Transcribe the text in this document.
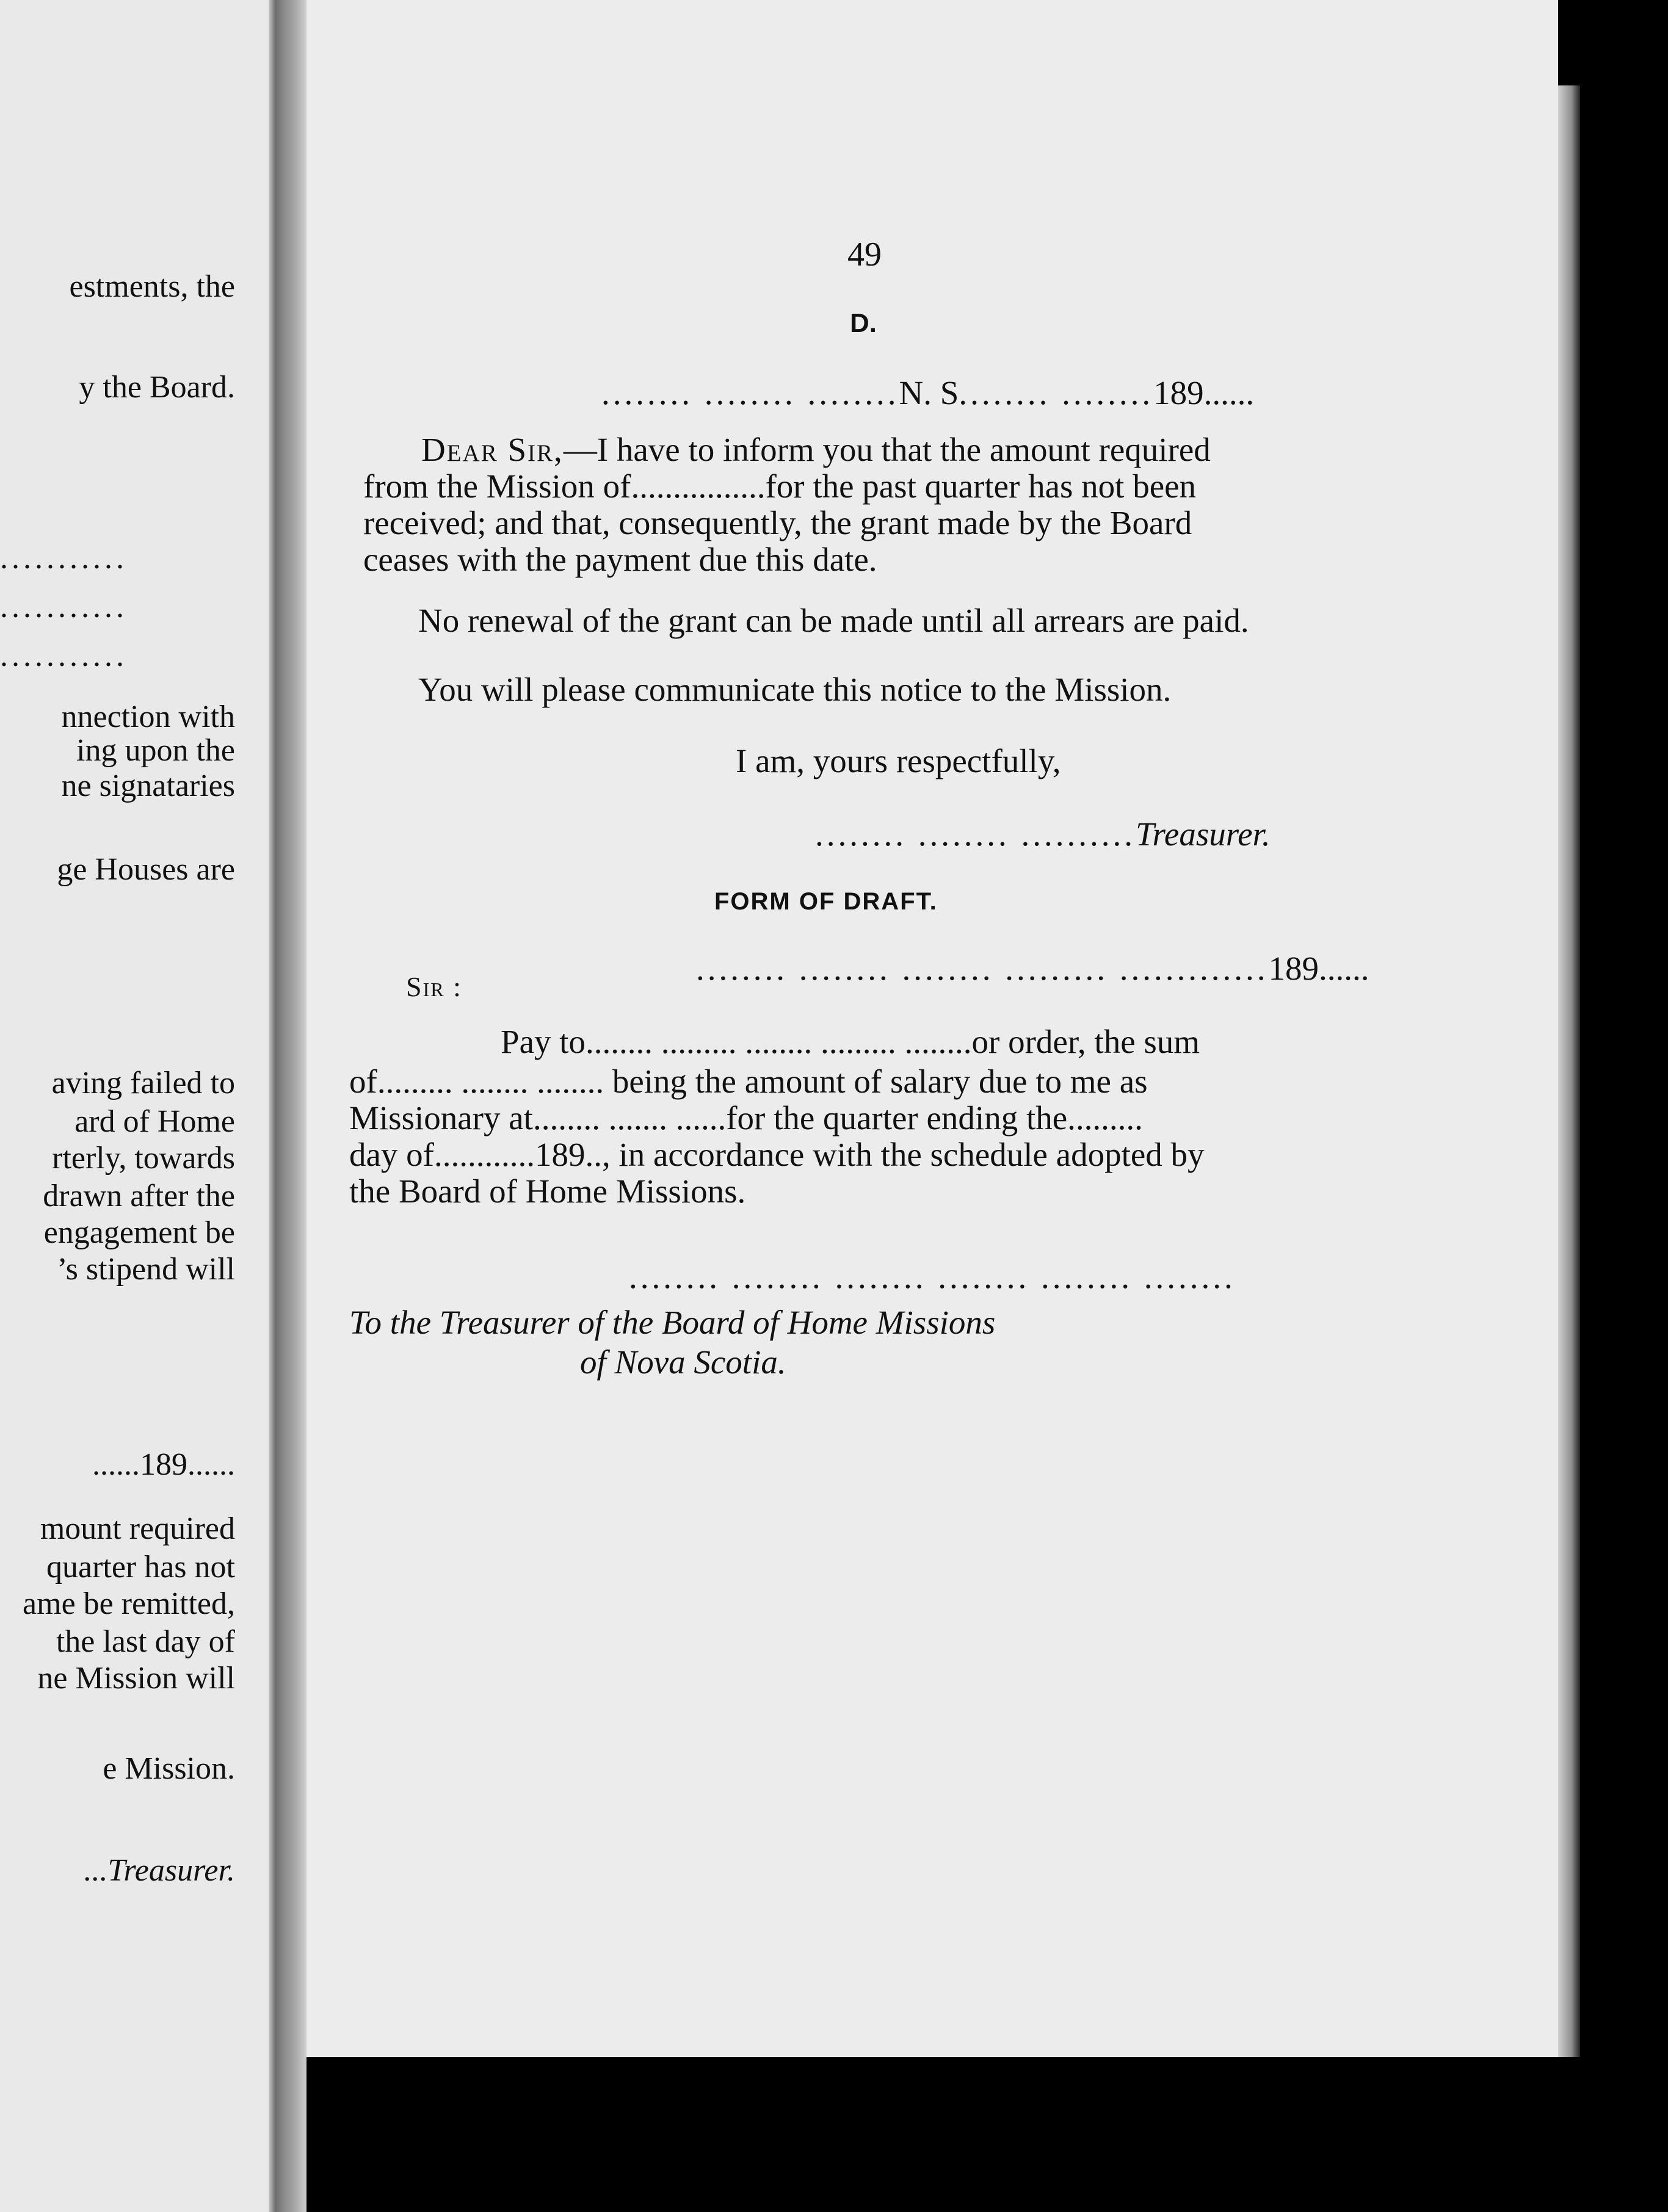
estments, the
y the Board.
...........
...........
...........
nnection with
ing upon the
ne signataries
ge Houses are
aving failed to
ard of Home
rterly, towards
drawn after the
engagement be
’s stipend will
......189......
mount required
quarter has not
ame be remitted,
the last day of
ne Mission will
e Mission.
...Treasurer.
49
D.
........ ........ ........N. S........ ........189......
Dear Sir,—I have to inform you that the amount required
from the Mission of................for the past quarter has not been
received; and that, consequently, the grant made by the Board
ceases with the payment due this date.
No renewal of the grant can be made until all arrears are paid.
You will please communicate this notice to the Mission.
I am, yours respectfully,
........ ........ ..........Treasurer.
FORM OF DRAFT.
........ ........ ........ ......... .............189......
Sir :
Pay to........ ......... ........ ......... ........or order, the sum
of......... ........ ........ being the amount of salary due to me as
Missionary at........ ....... ......for the quarter ending the.........
day of............189.., in accordance with the schedule adopted by
the Board of Home Missions.
........ ........ ........ ........ ........ ........
To the Treasurer of the Board of Home Missions
of Nova Scotia.
